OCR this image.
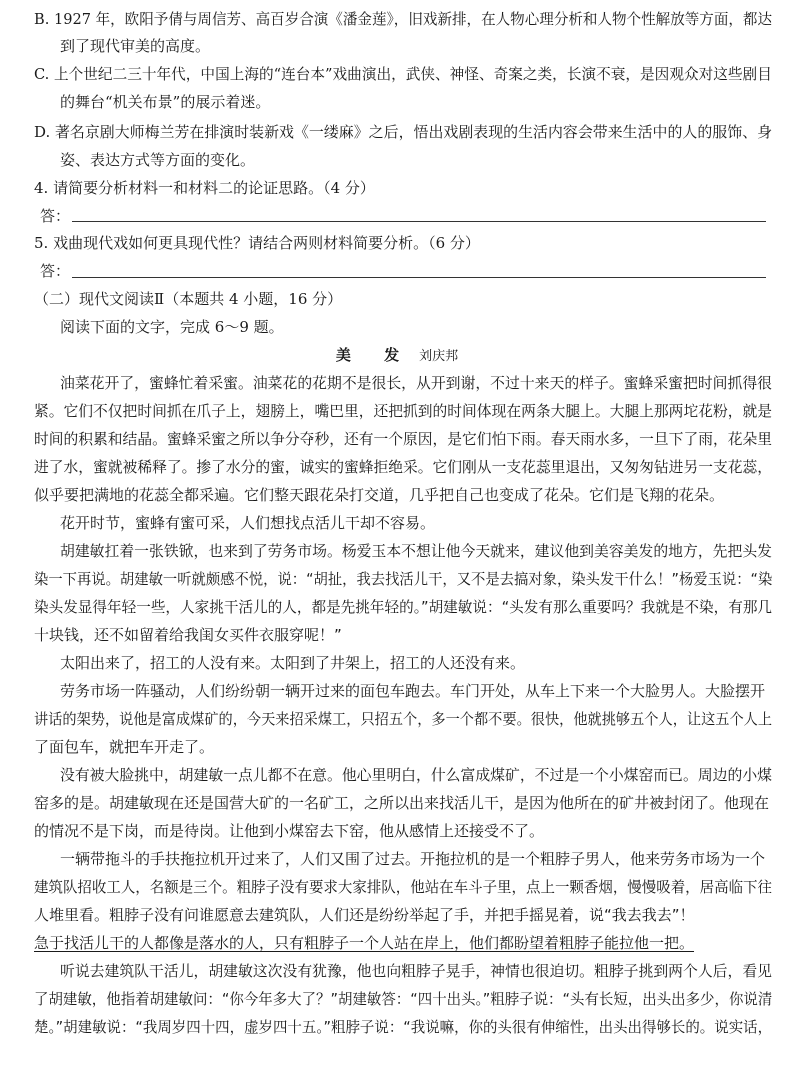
B. 1927 年，欧阳予倩与周信芳、高百岁合演《潘金莲》，旧戏新排，在人物心理分析和人物个性解放等方面，都达
到了现代审美的高度。
C. 上个世纪二三十年代，中国上海的“连台本”戏曲演出，武侠、神怪、奇案之类，长演不衰，是因观众对这些剧目
的舞台“机关布景”的展示着迷。
D. 著名京剧大师梅兰芳在排演时装新戏《一缕麻》之后，悟出戏剧表现的生活内容会带来生活中的人的服饰、身
姿、表达方式等方面的变化。
4. 请简要分析材料一和材料二的论证思路。（4 分）
答：
5. 戏曲现代戏如何更具现代性？请结合两则材料简要分析。（6 分）
答：
（二）现代文阅读Ⅱ（本题共 4 小题，16 分）
阅读下面的文字，完成 6～9 题。
美 发 刘庆邦
油菜花开了，蜜蜂忙着采蜜。油菜花的花期不是很长，从开到谢，不过十来天的样子。蜜蜂采蜜把时间抓得很
紧。它们不仅把时间抓在爪子上，翅膀上，嘴巴里，还把抓到的时间体现在两条大腿上。大腿上那两坨花粉，就是
时间的积累和结晶。蜜蜂采蜜之所以争分夺秒，还有一个原因，是它们怕下雨。春天雨水多，一旦下了雨，花朵里
进了水，蜜就被稀释了。掺了水分的蜜，诚实的蜜蜂拒绝采。它们刚从一支花蕊里退出，又匆匆钻进另一支花蕊，
似乎要把满地的花蕊全都采遍。它们整天跟花朵打交道，几乎把自己也变成了花朵。它们是飞翔的花朵。
花开时节，蜜蜂有蜜可采，人们想找点活儿干却不容易。
胡建敏扛着一张铁锨，也来到了劳务市场。杨爱玉本不想让他今天就来，建议他到美容美发的地方，先把头发
染一下再说。胡建敏一听就颇感不悦，说：“胡扯，我去找活儿干，又不是去搞对象，染头发干什么！”杨爱玉说：“染
染头发显得年轻一些，人家挑干活儿的人，都是先挑年轻的。”胡建敏说：“头发有那么重要吗？我就是不染，有那几
十块钱，还不如留着给我闺女买件衣服穿呢！”
太阳出来了，招工的人没有来。太阳到了井架上，招工的人还没有来。
劳务市场一阵骚动，人们纷纷朝一辆开过来的面包车跑去。车门开处，从车上下来一个大脸男人。大脸摆开
讲话的架势，说他是富成煤矿的，今天来招采煤工，只招五个，多一个都不要。很快，他就挑够五个人，让这五个人上
了面包车，就把车开走了。
没有被大脸挑中，胡建敏一点儿都不在意。他心里明白，什么富成煤矿，不过是一个小煤窑而已。周边的小煤
窑多的是。胡建敏现在还是国营大矿的一名矿工，之所以出来找活儿干，是因为他所在的矿井被封闭了。他现在
的情况不是下岗，而是待岗。让他到小煤窑去下窑，他从感情上还接受不了。
一辆带拖斗的手扶拖拉机开过来了，人们又围了过去。开拖拉机的是一个粗脖子男人，他来劳务市场为一个
建筑队招收工人，名额是三个。粗脖子没有要求大家排队，他站在车斗子里，点上一颗香烟，慢慢吸着，居高临下往
人堆里看。粗脖子没有问谁愿意去建筑队，人们还是纷纷举起了手，并把手摇晃着，说“我去我去”！
急于找活儿干的人都像是落水的人，只有粗脖子一个人站在岸上，他们都盼望着粗脖子能拉他一把。
听说去建筑队干活儿，胡建敏这次没有犹豫，他也向粗脖子晃手，神情也很迫切。粗脖子挑到两个人后，看见
了胡建敏，他指着胡建敏问：“你今年多大了？”胡建敏答：“四十出头。”粗脖子说：“头有长短，出头出多少，你说清
楚。”胡建敏说：“我周岁四十四，虚岁四十五。”粗脖子说：“我说嘛，你的头很有伸缩性，出头出得够长的。说实话，
